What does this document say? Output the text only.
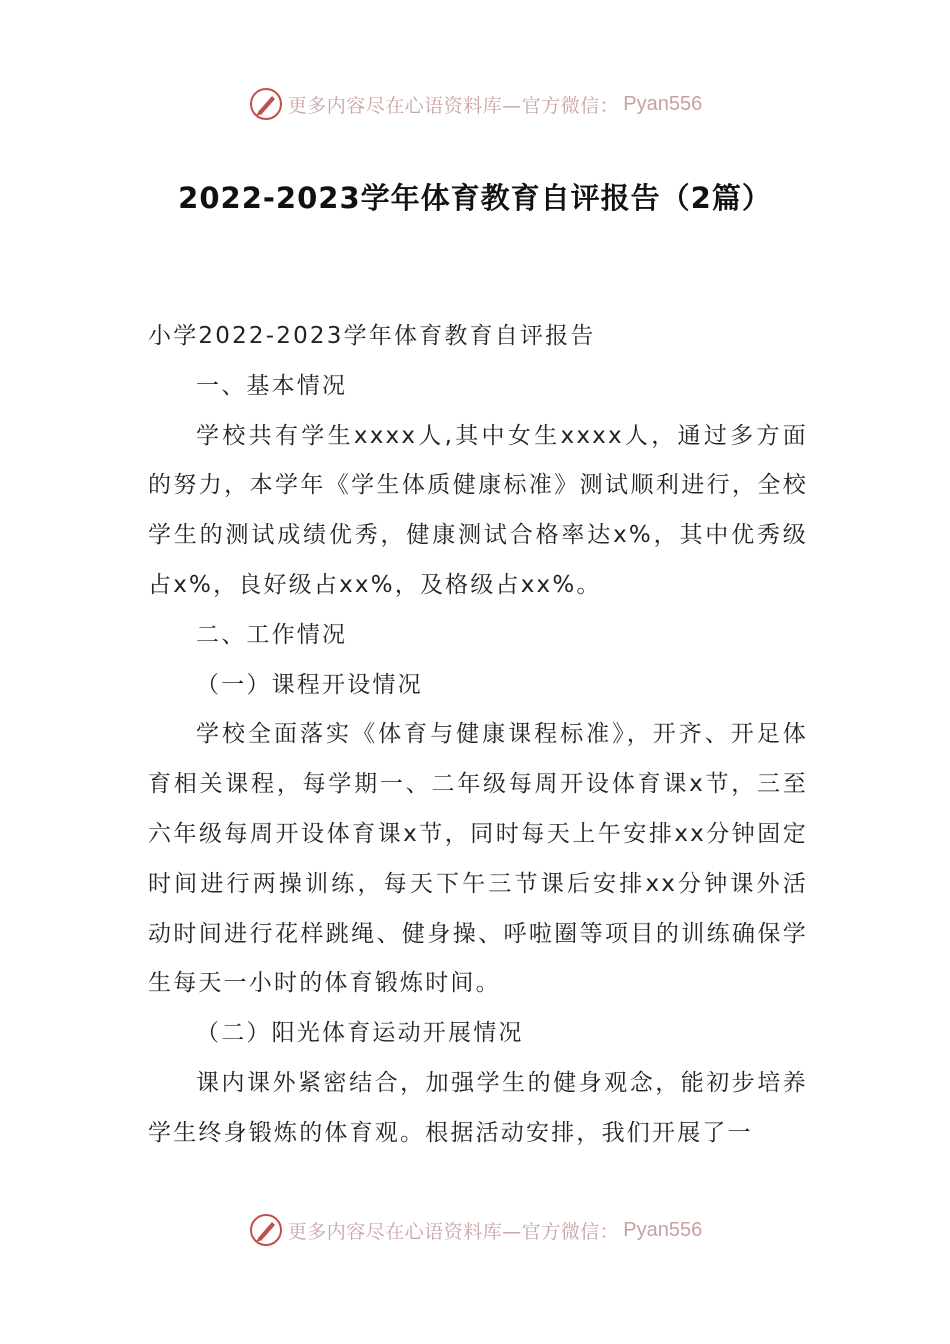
更多内容尽在心语资料库—官方微信： Pyan556
2022-2023学年体育教育自评报告（2篇）

小学2022-2023学年体育教育自评报告

一、基本情况

学校共有学生xxxx人,其中女生xxxx人，通过多方面的努力，本学年《学生体质健康标准》测试顺利进行，全校学生的测试成绩优秀，健康测试合格率达x%，其中优秀级占x%，良好级占xx%，及格级占xx%。

二、工作情况

（一）课程开设情况

学校全面落实《体育与健康课程标准》，开齐、开足体育相关课程，每学期一、二年级每周开设体育课x节，三至六年级每周开设体育课x节，同时每天上午安排xx分钟固定时间进行两操训练，每天下午三节课后安排xx分钟课外活动时间进行花样跳绳、健身操、呼啦圈等项目的训练确保学生每天一小时的体育锻炼时间。

（二）阳光体育运动开展情况

课内课外紧密结合，加强学生的健身观念，能初步培养学生终身锻炼的体育观。根据活动安排，我们开展了一

更多内容尽在心语资料库—官方微信： Pyan556
